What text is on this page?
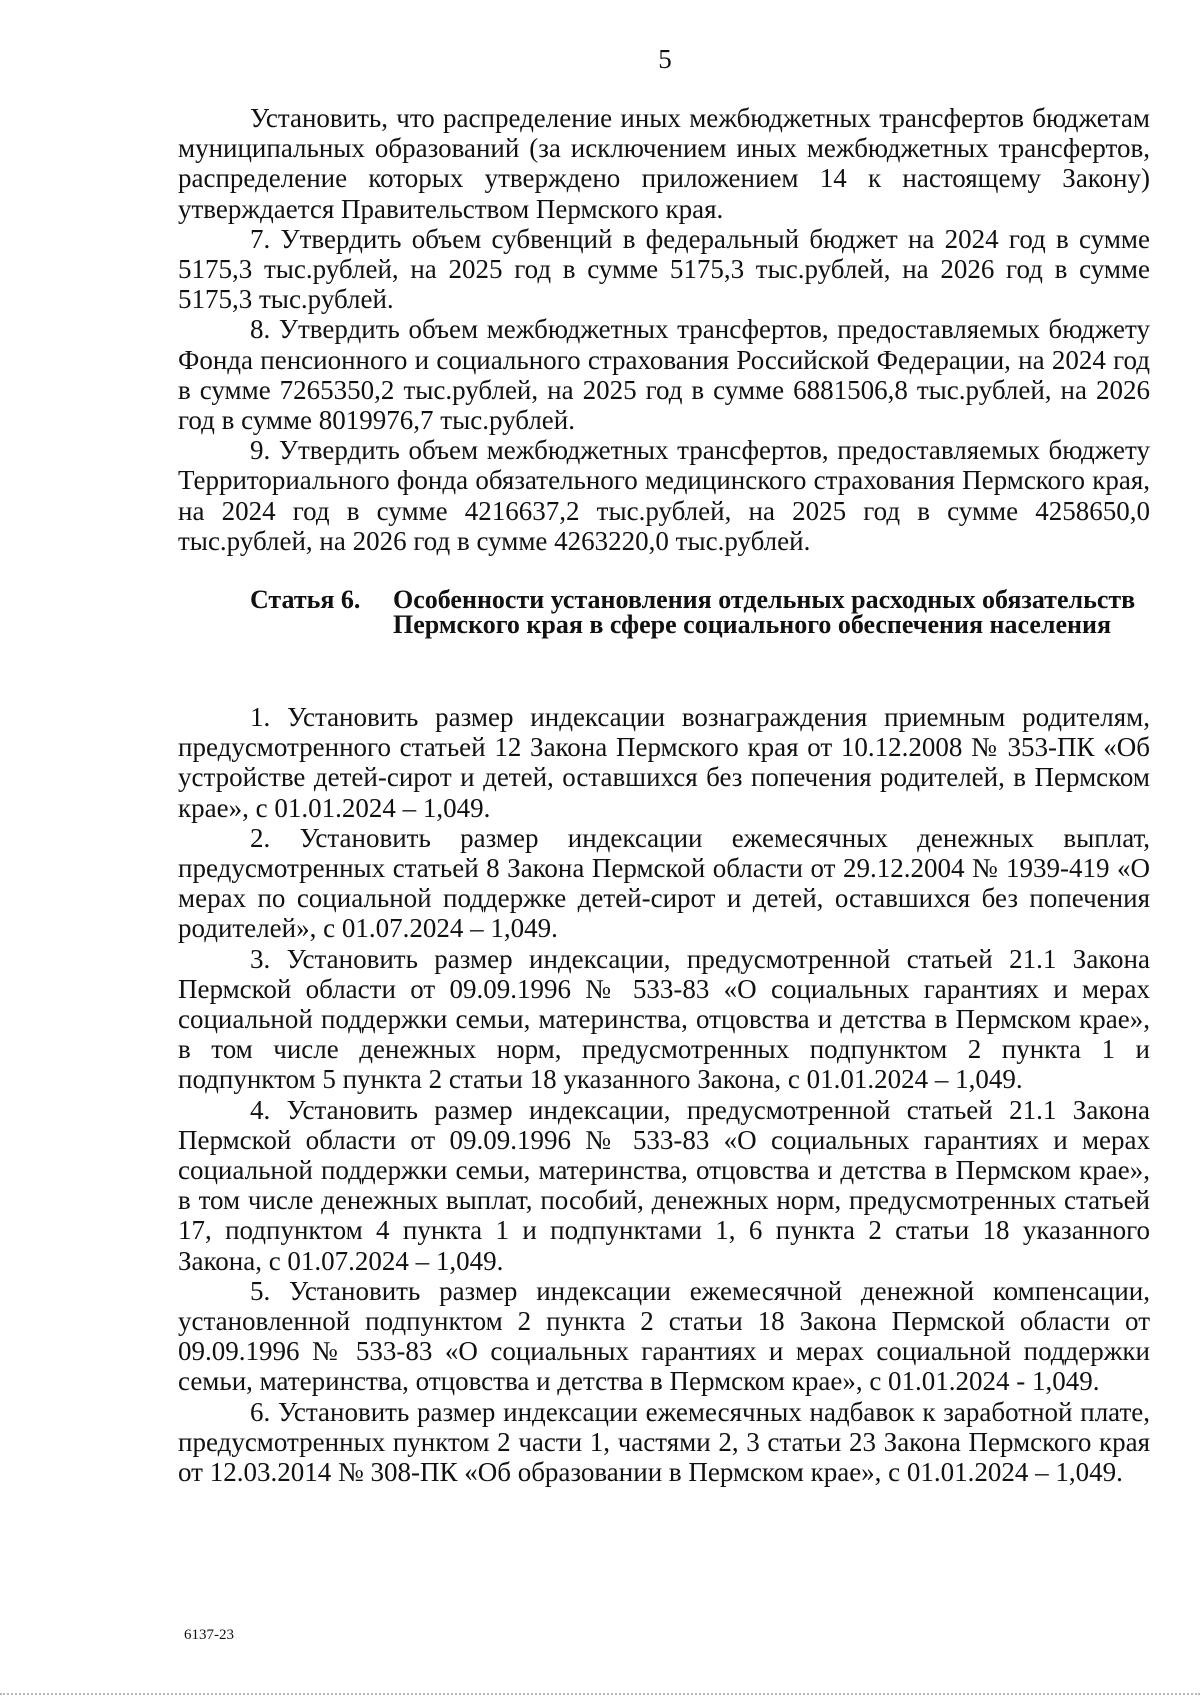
5

Установить, что распределение иных межбюджетных трансфертов бюджетам муниципальных образований (за исключением иных межбюджетных трансфертов, распределение которых утверждено приложением 14 к настоящему Закону) утверждается Правительством Пермского края.

7. Утвердить объем субвенций в федеральный бюджет на 2024 год в сумме 5175,3 тыс.рублей, на 2025 год в сумме 5175,3 тыс.рублей, на 2026 год в сумме 5175,3 тыс.рублей.

8. Утвердить объем межбюджетных трансфертов, предоставляемых бюджету Фонда пенсионного и социального страхования Российской Федерации, на 2024 год в сумме 7265350,2 тыс.рублей, на 2025 год в сумме 6881506,8 тыс.рублей, на 2026 год в сумме 8019976,7 тыс.рублей.

9. Утвердить объем межбюджетных трансфертов, предоставляемых бюджету Территориального фонда обязательного медицинского страхования Пермского края, на 2024 год в сумме 4216637,2 тыс.рублей, на 2025 год в сумме 4258650,0 тыс.рублей, на 2026 год в сумме 4263220,0 тыс.рублей.

Статья 6. Особенности установления отдельных расходных обязательств Пермского края в сфере социального обеспечения населения

1. Установить размер индексации вознаграждения приемным родителям, предусмотренного статьей 12 Закона Пермского края от 10.12.2008 № 353-ПК «Об устройстве детей-сирот и детей, оставшихся без попечения родителей, в Пермском крае», с 01.01.2024 – 1,049.

2. Установить размер индексации ежемесячных денежных выплат, предусмотренных статьей 8 Закона Пермской области от 29.12.2004 № 1939-419 «О мерах по социальной поддержке детей-сирот и детей, оставшихся без попечения родителей», с 01.07.2024 – 1,049.

3. Установить размер индексации, предусмотренной статьей 21.1 Закона Пермской области от 09.09.1996 № 533-83 «О социальных гарантиях и мерах социальной поддержки семьи, материнства, отцовства и детства в Пермском крае», в том числе денежных норм, предусмотренных подпунктом 2 пункта 1 и подпунктом 5 пункта 2 статьи 18 указанного Закона, с 01.01.2024 – 1,049.

4. Установить размер индексации, предусмотренной статьей 21.1 Закона Пермской области от 09.09.1996 № 533-83 «О социальных гарантиях и мерах социальной поддержки семьи, материнства, отцовства и детства в Пермском крае», в том числе денежных выплат, пособий, денежных норм, предусмотренных статьей 17, подпунктом 4 пункта 1 и подпунктами 1, 6 пункта 2 статьи 18 указанного Закона, с 01.07.2024 – 1,049.

5. Установить размер индексации ежемесячной денежной компенсации, установленной подпунктом 2 пункта 2 статьи 18 Закона Пермской области от 09.09.1996 № 533-83 «О социальных гарантиях и мерах социальной поддержки семьи, материнства, отцовства и детства в Пермском крае», с 01.01.2024 - 1,049.

6. Установить размер индексации ежемесячных надбавок к заработной плате, предусмотренных пунктом 2 части 1, частями 2, 3 статьи 23 Закона Пермского края от 12.03.2014 № 308-ПК «Об образовании в Пермском крае», с 01.01.2024 – 1,049.

6137-23
